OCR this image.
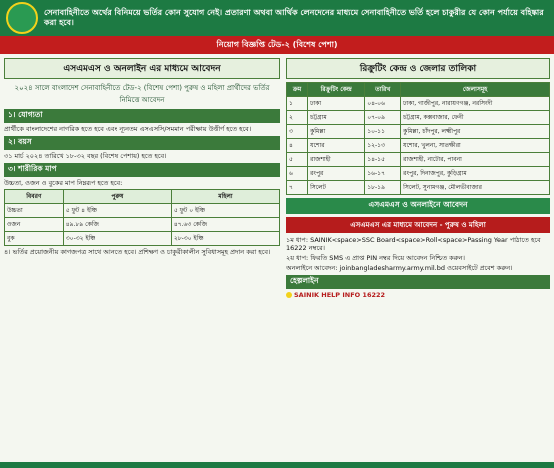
সেনাবাহিনীতে অর্থের বিনিময়ে ভর্তির কোন সুযোগ নেই। প্রতারণা অথবা আর্থিক লেনদেনের মাধ্যমে সেনাবাহিনীতে ভর্তি হলে চাকুরীর যে কোন পর্যায়ে বহিষ্কার করা হবে।
নিয়োগ বিজ্ঞপ্তি টেড-২ (বিশেষ পেশা)
এসএমএস ও অনলাইন এর মাধ্যমে আবেদন
২০২৪ সালে বাংলাদেশ সেনাবাহিনীতে টেড-২ (বিশেষ পেশা) পুরুষ ও মহিলা প্রার্থীদের ভর্তির নিমিত্তে আবেদন
১। যোগ্যতা
প্রার্থীকে বাংলাদেশের নাগরিক হতে হবে এবং ন্যূনতম এসএসসি/সমমান পরীক্ষায় উত্তীর্ণ হতে হবে।
২। বয়স
৩১ মার্চ ২০২৪ তারিখে ১৮-৩২ বছর (বিশেষ পেশায়) হতে হবে।
৩। শারীরিক মাপ
উচ্চতা, ওজন ও বুকের মাপ নিম্নরূপ হতে হবে:
বিবরণ	পুরুষ	মহিলা
উচ্চতা	৫ ফুট ৪ ইঞ্চি	৫ ফুট ০ ইঞ্চি
ওজন	৪৯.৮৯ কেজি	৪৭.৬৩ কেজি
বুক	৩০-৩২ ইঞ্চি	২৮-৩০ ইঞ্চি
৪। ভর্তির প্রয়োজনীয় কাগজপত্র সাথে আনতে হবে। প্রশিক্ষণ ও চাকুরীকালীন সুবিধাসমূহ প্রদান করা হবে।
রিক্রুটিং কেন্দ্র ও জেলার তালিকা
ক্রম	রিক্রুটিং কেন্দ্র	তারিখ	জেলাসমূহ
১	ঢাকা	০৪-০৬	ঢাকা, গাজীপুর, নারায়ণগঞ্জ, নরসিংদী
২	চট্টগ্রাম	০৭-০৯	চট্টগ্রাম, কক্সবাজার, ফেনী
৩	কুমিল্লা	১০-১১	কুমিল্লা, চাঁদপুর, লক্ষ্মীপুর
৪	যশোর	১২-১৩	যশোর, খুলনা, সাতক্ষীরা
৫	রাজশাহী	১৪-১৫	রাজশাহী, নাটোর, পাবনা
৬	রংপুর	১৬-১৭	রংপুর, দিনাজপুর, কুড়িগ্রাম
৭	সিলেট	১৮-১৯	সিলেট, সুনামগঞ্জ, মৌলভীবাজার
এসএমএস ও অনলাইনে আবেদন
এসএমএস এর মাধ্যমে আবেদন - পুরুষ ও মহিলা
১ম ধাপ: SAINIK<space>SSC Board<space>Roll<space>Passing Year পাঠাতে হবে 16222 নম্বরে।
২য় ধাপ: ফিরতি SMS এ প্রাপ্ত PIN নম্বর দিয়ে আবেদন নিশ্চিত করুন।
অনলাইনে আবেদন: joinbangladesharmy.army.mil.bd ওয়েবসাইটে প্রবেশ করুন।
হেল্পলাইন
SAINIK HELP INFO 16222
